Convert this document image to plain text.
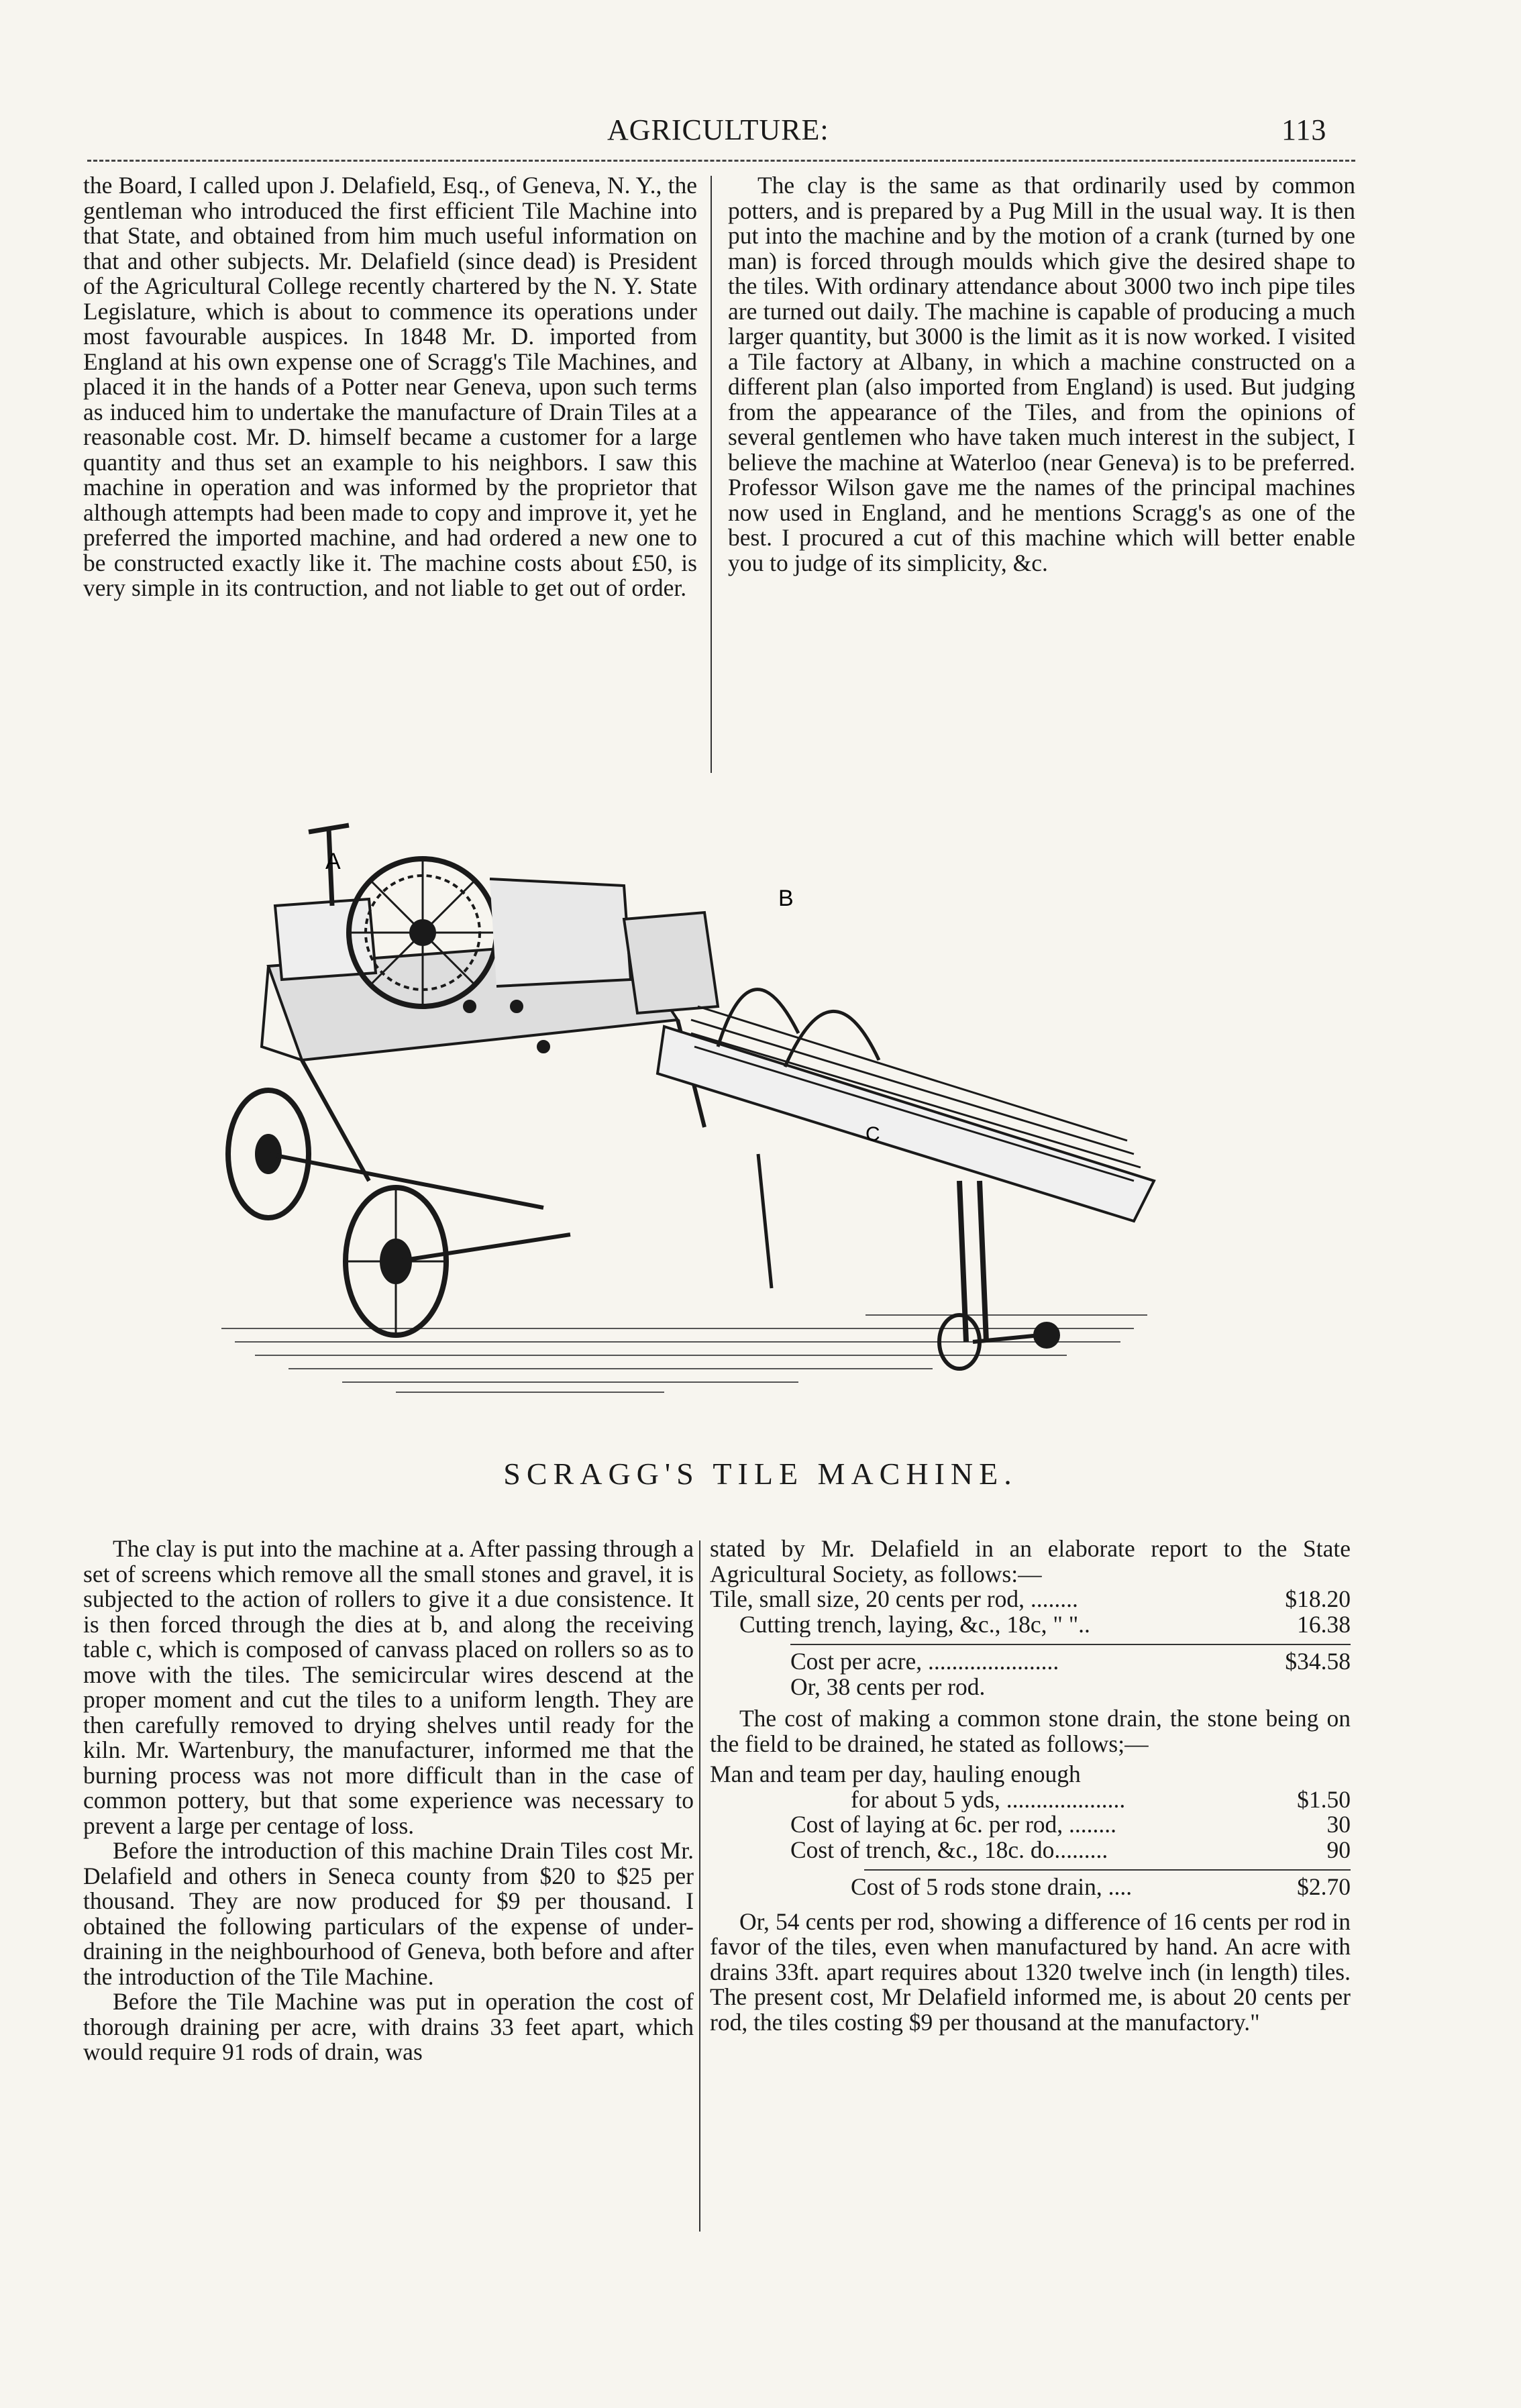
AGRICULTURE:	113

the Board, I called upon J. Delafield, Esq., of Geneva, N. Y., the gentleman who introduced the first efficient Tile Machine into that State, and obtained from him much useful information on that and other subjects. Mr. Delafield (since dead) is President of the Agricultural College recently chartered by the N. Y. State Legislature, which is about to commence its operations under most favourable auspices. In 1848 Mr. D. imported from England at his own expense one of Scragg's Tile Machines, and placed it in the hands of a Potter near Geneva, upon such terms as induced him to undertake the manufacture of Drain Tiles at a reasonable cost. Mr. D. himself became a customer for a large quantity and thus set an example to his neighbors. I saw this machine in operation and was informed by the proprietor that although attempts had been made to copy and improve it, yet he preferred the imported machine, and had ordered a new one to be constructed exactly like it. The machine costs about £50, is very simple in its contruction, and not liable to get out of order.

The clay is the same as that ordinarily used by common potters, and is prepared by a Pug Mill in the usual way. It is then put into the machine and by the motion of a crank (turned by one man) is forced through moulds which give the desired shape to the tiles. With ordinary attendance about 3000 two inch pipe tiles are turned out daily. The machine is capable of producing a much larger quantity, but 3000 is the limit as it is now worked. I visited a Tile factory at Albany, in which a machine constructed on a different plan (also imported from England) is used. But judging from the appearance of the Tiles, and from the opinions of several gentlemen who have taken much interest in the subject, I believe the machine at Waterloo (near Geneva) is to be preferred. Professor Wilson gave me the names of the principal machines now used in England, and he mentions Scragg's as one of the best. I procured a cut of this machine which will better enable you to judge of its simplicity, &c.

A
B
C
SCRAGG'S TILE MACHINE.

The clay is put into the machine at a. After passing through a set of screens which remove all the small stones and gravel, it is subjected to the action of rollers to give it a due consistence. It is then forced through the dies at b, and along the receiving table c, which is composed of canvass placed on rollers so as to move with the tiles. The semicircular wires descend at the proper moment and cut the tiles to a uniform length. They are then carefully removed to drying shelves until ready for the kiln. Mr. Wartenbury, the manufacturer, informed me that the burning process was not more difficult than in the case of common pottery, but that some experience was necessary to prevent a large per centage of loss.

Before the introduction of this machine Drain Tiles cost Mr. Delafield and others in Seneca county from $20 to $25 per thousand. They are now produced for $9 per thousand. I obtained the following particulars of the expense of under-draining in the neighbourhood of Geneva, both before and after the introduction of the Tile Machine.

Before the Tile Machine was put in operation the cost of thorough draining per acre, with drains 33 feet apart, which would require 91 rods of drain, was

stated by Mr. Delafield in an elaborate report to the State Agricultural Society, as follows:—

Tile, small size, 20 cents per rod, ........	$18.20
Cutting trench, laying, &c., 18c, " "..	16.38
Cost per acre, ......................	$34.58

Or, 38 cents per rod.

The cost of making a common stone drain, the stone being on the field to be drained, he stated as follows;—

Man and team per day, hauling enough

for about 5 yds, ....................	$1.50
Cost of laying at 6c. per rod, ........	30
Cost of trench, &c., 18c. do.........	90
Cost of 5 rods stone drain, ....	$2.70

Or, 54 cents per rod, showing a difference of 16 cents per rod in favor of the tiles, even when manufactured by hand. An acre with drains 33ft. apart requires about 1320 twelve inch (in length) tiles. The present cost, Mr Delafield informed me, is about 20 cents per rod, the tiles costing $9 per thousand at the manufactory."
